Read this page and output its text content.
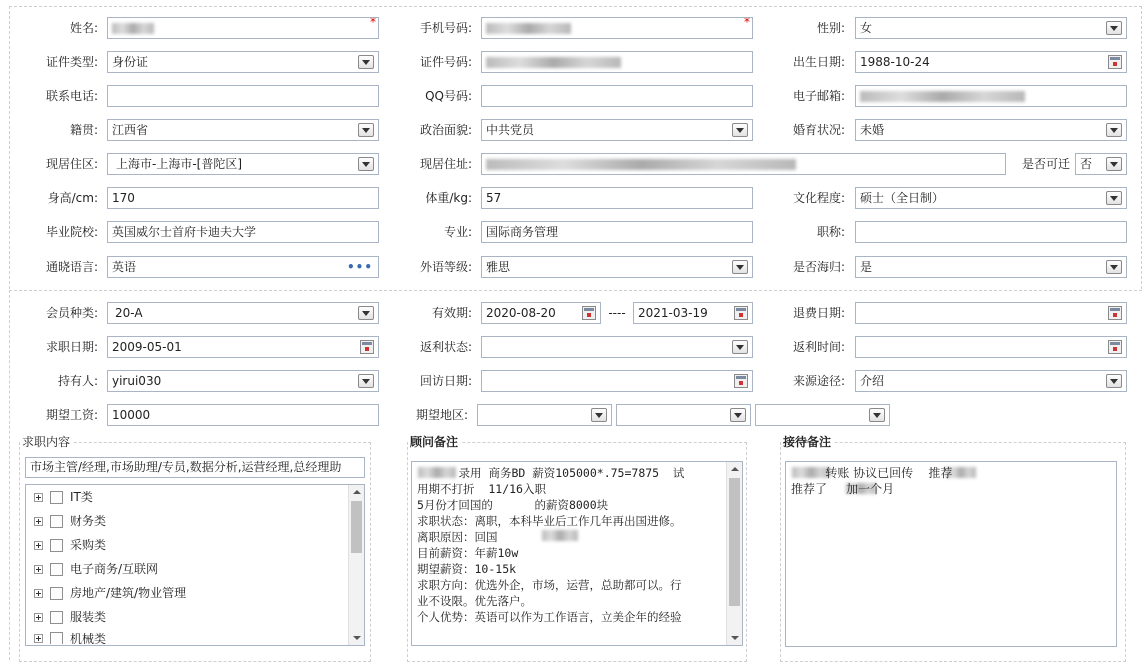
姓名:	*	手机号码:	*	性别:	女
证件类型:	身份证	证件号码:	出生日期:	1988-10-24
联系电话:	QQ号码:	电子邮箱:
籍贯:	江西省	政治面貌:	中共党员	婚育状况:	未婚
现居住区:	上海市-上海市-[普陀区]	现居住址:	是否可迁 否
身高/cm:	170	体重/kg:	57	文化程度:	硕士（全日制）
毕业院校:	英国威尔士首府卡迪夫大学	专业:	国际商务管理	职称:
通晓语言:	英语	•••	外语等级:	雅思	是否海归:	是
会员种类:	20-A	有效期:	2020-08-20	----	2021-03-19	退费日期:
求职日期:	2009-05-01	返利状态:	返利时间:
持有人:	yirui030	回访日期:	来源途径:	介绍
期望工资:	10000	期望地区:
求职内容
市场主管/经理,市场助理/专员,数据分析,运营经理,总经理助
IT类
财务类
采购类
电子商务/互联网
房地产/建筑/物业管理
服装类
机械类
顾问备注
录用 商务BD 薪资105000*.75=7875  试
用期不打折  11/16入职
5月份才回国的      的薪资8000块
求职状态：离职，本科毕业后工作几年再出国进修。
离职原因：回国
目前薪资：年薪10w
期望薪资：10-15k
求职方向：优选外企，市场，运营，总助都可以。行
业不设限。优先落户。
个人优势：英语可以作为工作语言，立美企年的经验
接待备注
转账 协议已回传    推荐
推荐了     加一个月
